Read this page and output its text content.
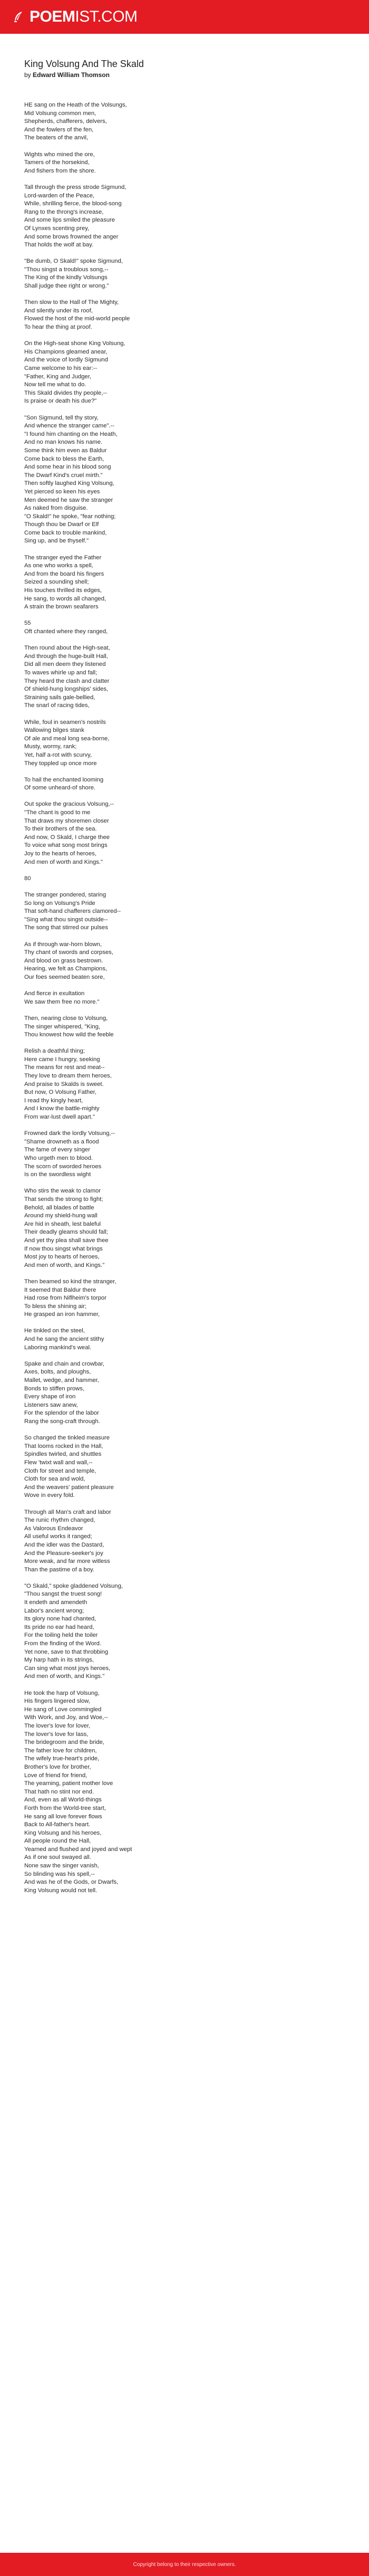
POEMIST.COM
King Volsung And The Skald
by Edward William Thomson
HE sang on the Heath of the Volsungs,
Mid Volsung common men,
Shepherds, chafferers, delvers,
And the fowlers of the fen,
The beaters of the anvil,
Wights who mined the ore,
Tamers of the horsekind,
And fishers from the shore.
Tall through the press strode Sigmund,
Lord-warden of the Peace,
While, shrilling fierce, the blood-song
Rang to the throng's increase,
And some lips smiled the pleasure
Of Lynxes scenting prey,
And some brows frowned the anger
That holds the wolf at bay.
"Be dumb, O Skald!" spoke Sigmund,
"Thou singst a troublous song,--
The King of the kindly Volsungs
Shall judge thee right or wrong."
Then slow to the Hall of The Mighty,
And silently under its roof,
Flowed the host of the mid-world people
To hear the thing at proof.
On the High-seat shone King Volsung,
His Champions gleamed anear,
And the voice of lordly Sigmund
Came welcome to his ear:--
"Father, King and Judger,
Now tell me what to do.
This Skald divides thy people,--
Is praise or death his due?"
"Son Sigmund, tell thy story,
And whence the stranger came".--
"I found him chanting on the Heath,
And no man knows his name.
Some think him even as Baldur
Come back to bless the Earth,
And some hear in his blood song
The Dwarf Kind's cruel mirth."
Then softly laughed King Volsung,
Yet pierced so keen his eyes
Men deemed he saw the stranger
As naked from disguise.
"O Skald!" he spoke, "fear nothing;
Though thou be Dwarf or Elf
Come back to trouble mankind,
Sing up, and be thyself."
The stranger eyed the Father
As one who works a spell,
And from the board his fingers
Seized a sounding shell;
His touches thrilled its edges,
He sang, to words all changed,
A strain the brown seafarers
55
Oft chanted where they ranged,
Then round about the High-seat,
And through the huge-built Hall,
Did all men deem they listened
To waves whirle up and fall;
They heard the clash and clatter
Of shield-hung longships' sides,
Straining sails gale-bellied,
The snarl of racing tides,
While, foul in seamen's nostrils
Wallowing bilges stank
Of ale and meal long sea-borne,
Musty, wormy, rank;
Yet, half a-rot with scurvy,
They toppled up once more
To hail the enchanted looming
Of some unheard-of shore.
Out spoke the gracious Volsung,--
"The chant is good to me
That draws my shoremen closer
To their brothers of the sea.
And now, O Skald, I charge thee
To voice what song most brings
Joy to the hearts of heroes,
And men of worth and Kings."
80
The stranger pondered, staring
So long on Volsung's Pride
That soft-hand chafferers clamored--
"Sing what thou singst outside--
The song that stirred our pulses
As if through war-horn blown,
Thy chant of swords and corpses,
And blood on grass bestrown.
Hearing, we felt as Champions,
Our foes seemed beaten sore,
And fierce in exultation
We saw them free no more."
Then, nearing close to Volsung,
The singer whispered, "King,
Thou knowest how wild the feeble
Relish a deathful thing;
Here came I hungry, seeking
The means for rest and meat--
They love to dream them heroes,
And praise to Skalds is sweet.
But now, O Volsung Father,
I read thy kingly heart,
And I know the battle-mighty
From war-lust dwell apart."
Frowned dark the lordly Volsung,--
"Shame drowneth as a flood
The fame of every singer
Who urgeth men to blood.
The scorn of sworded heroes
Is on the swordless wight
Who stirs the weak to clamor
That sends the strong to fight;
Behold, all blades of battle
Around my shield-hung wall
Are hid in sheath, lest baleful
Their deadly gleams should fall;
And yet thy plea shall save thee
If now thou singst what brings
Most joy to hearts of heroes,
And men of worth, and Kings."
Then beamed so kind the stranger,
It seemed that Baldur there
Had rose from Niflheim's torpor
To bless the shining air;
He grasped an iron hammer,
He tinkled on the steel,
And he sang the ancient stithy
Laboring mankind's weal.
Spake and chain and crowbar,
Axes, bolts, and ploughs,
Mallet, wedge, and hammer,
Bonds to stiffen prows,
Every shape of iron
Listeners saw anew,
For the splendor of the labor
Rang the song-craft through.
So changed the tinkled measure
That looms rocked in the Hall,
Spindles twirled, and shuttles
Flew 'twixt wall and wall,--
Cloth for street and temple,
Cloth for sea and wold,
And the weavers' patient pleasure
Wove in every fold.
Through all Man's craft and labor
The runic rhythm changed,
As Valorous Endeavor
All useful works it ranged;
And the idler was the Dastard,
And the Pleasure-seeker's joy
More weak, and far more witless
Than the pastime of a boy.
"O Skald," spoke gladdened Volsung,
"Thou sangst the truest song!
It endeth and amendeth
Labor's ancient wrong;
Its glory none had chanted,
Its pride no ear had heard,
For the toiling held the toiler
From the finding of the Word.
Yet none, save to that throbbing
My harp hath in its strings,
Can sing what most joys heroes,
And men of worth, and Kings."
He took the harp of Volsung,
His fingers lingered slow,
He sang of Love commingled
With Work, and Joy, and Woe,--
The lover's love for lover,
The lover's love for lass,
The bridegroom and the bride,
The father love for children,
The wifely true-heart's pride,
Brother's love for brother,
Love of friend for friend,
The yearning, patient mother love
That hath no stint nor end.
And, even as all World-things
Forth from the World-tree start,
He sang all love forever flows
Back to All-father's heart.
King Volsung and his heroes,
All people round the Hall,
Yearned and flushed and joyed and wept
As if one soul swayed all.
None saw the singer vanish,
So blinding was his spell,--
And was he of the Gods, or Dwarfs,
King Volsung would not tell.
Copyright belong to their respective owners.
